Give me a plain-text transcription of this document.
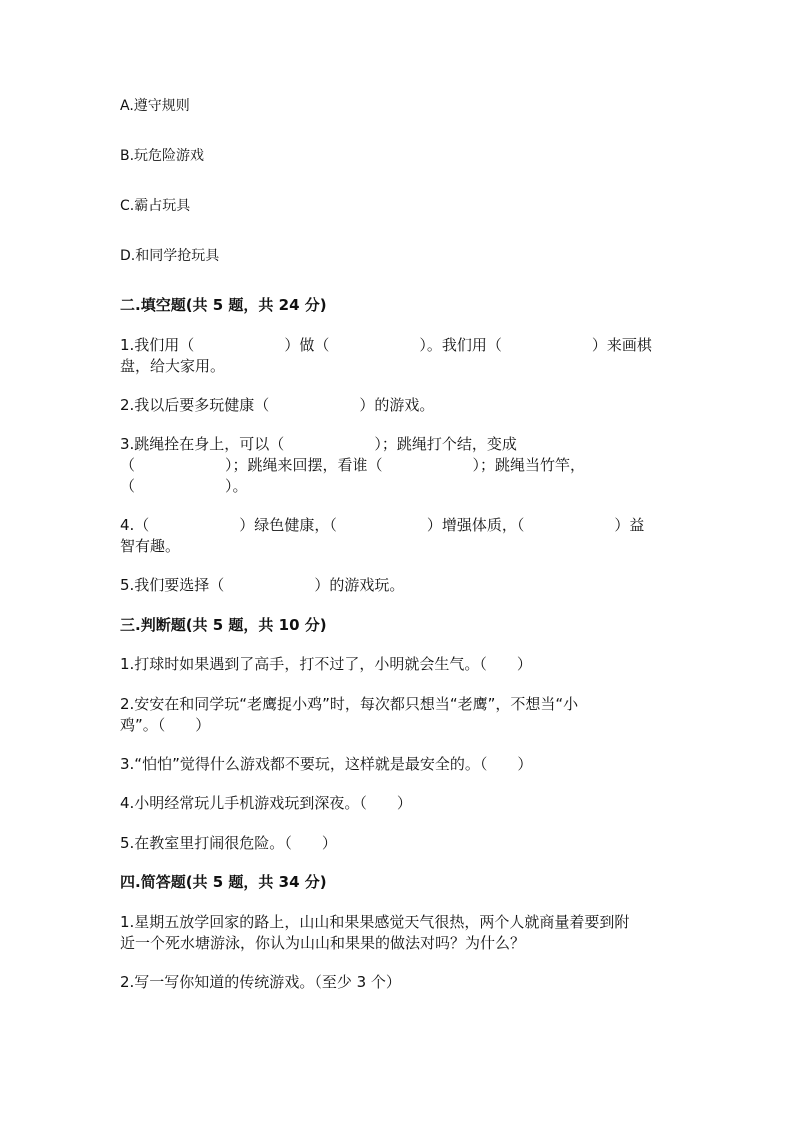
A.遵守规则
B.玩危险游戏
C.霸占玩具
D.和同学抢玩具
二.填空题(共 5 题，共 24 分)
1.我们用（　　　　　　）做（　　　　　　）。我们用（　　　　　　）来画棋
盘，给大家用。
2.我以后要多玩健康（　　　　　　）的游戏。
3.跳绳拴在身上，可以（　　　　　　）；跳绳打个结，变成
（　　　　　　）；跳绳来回摆，看谁（　　　　　　）；跳绳当竹竿，
（　　　　　　）。
4.（　　　　　　）绿色健康，（　　　　　　）增强体质，（　　　　　　）益
智有趣。
5.我们要选择（　　　　　　）的游戏玩。
三.判断题(共 5 题，共 10 分)
1.打球时如果遇到了高手，打不过了，小明就会生气。（　　）
2.安安在和同学玩“老鹰捉小鸡”时，每次都只想当“老鹰”，不想当“小
鸡”。（　　）
3.“怕怕”觉得什么游戏都不要玩，这样就是最安全的。（　　）
4.小明经常玩儿手机游戏玩到深夜。（　　）
5.在教室里打闹很危险。（　　）
四.简答题(共 5 题，共 34 分)
1.星期五放学回家的路上，山山和果果感觉天气很热，两个人就商量着要到附
近一个死水塘游泳，你认为山山和果果的做法对吗？为什么？
2.写一写你知道的传统游戏。（至少 3 个）
